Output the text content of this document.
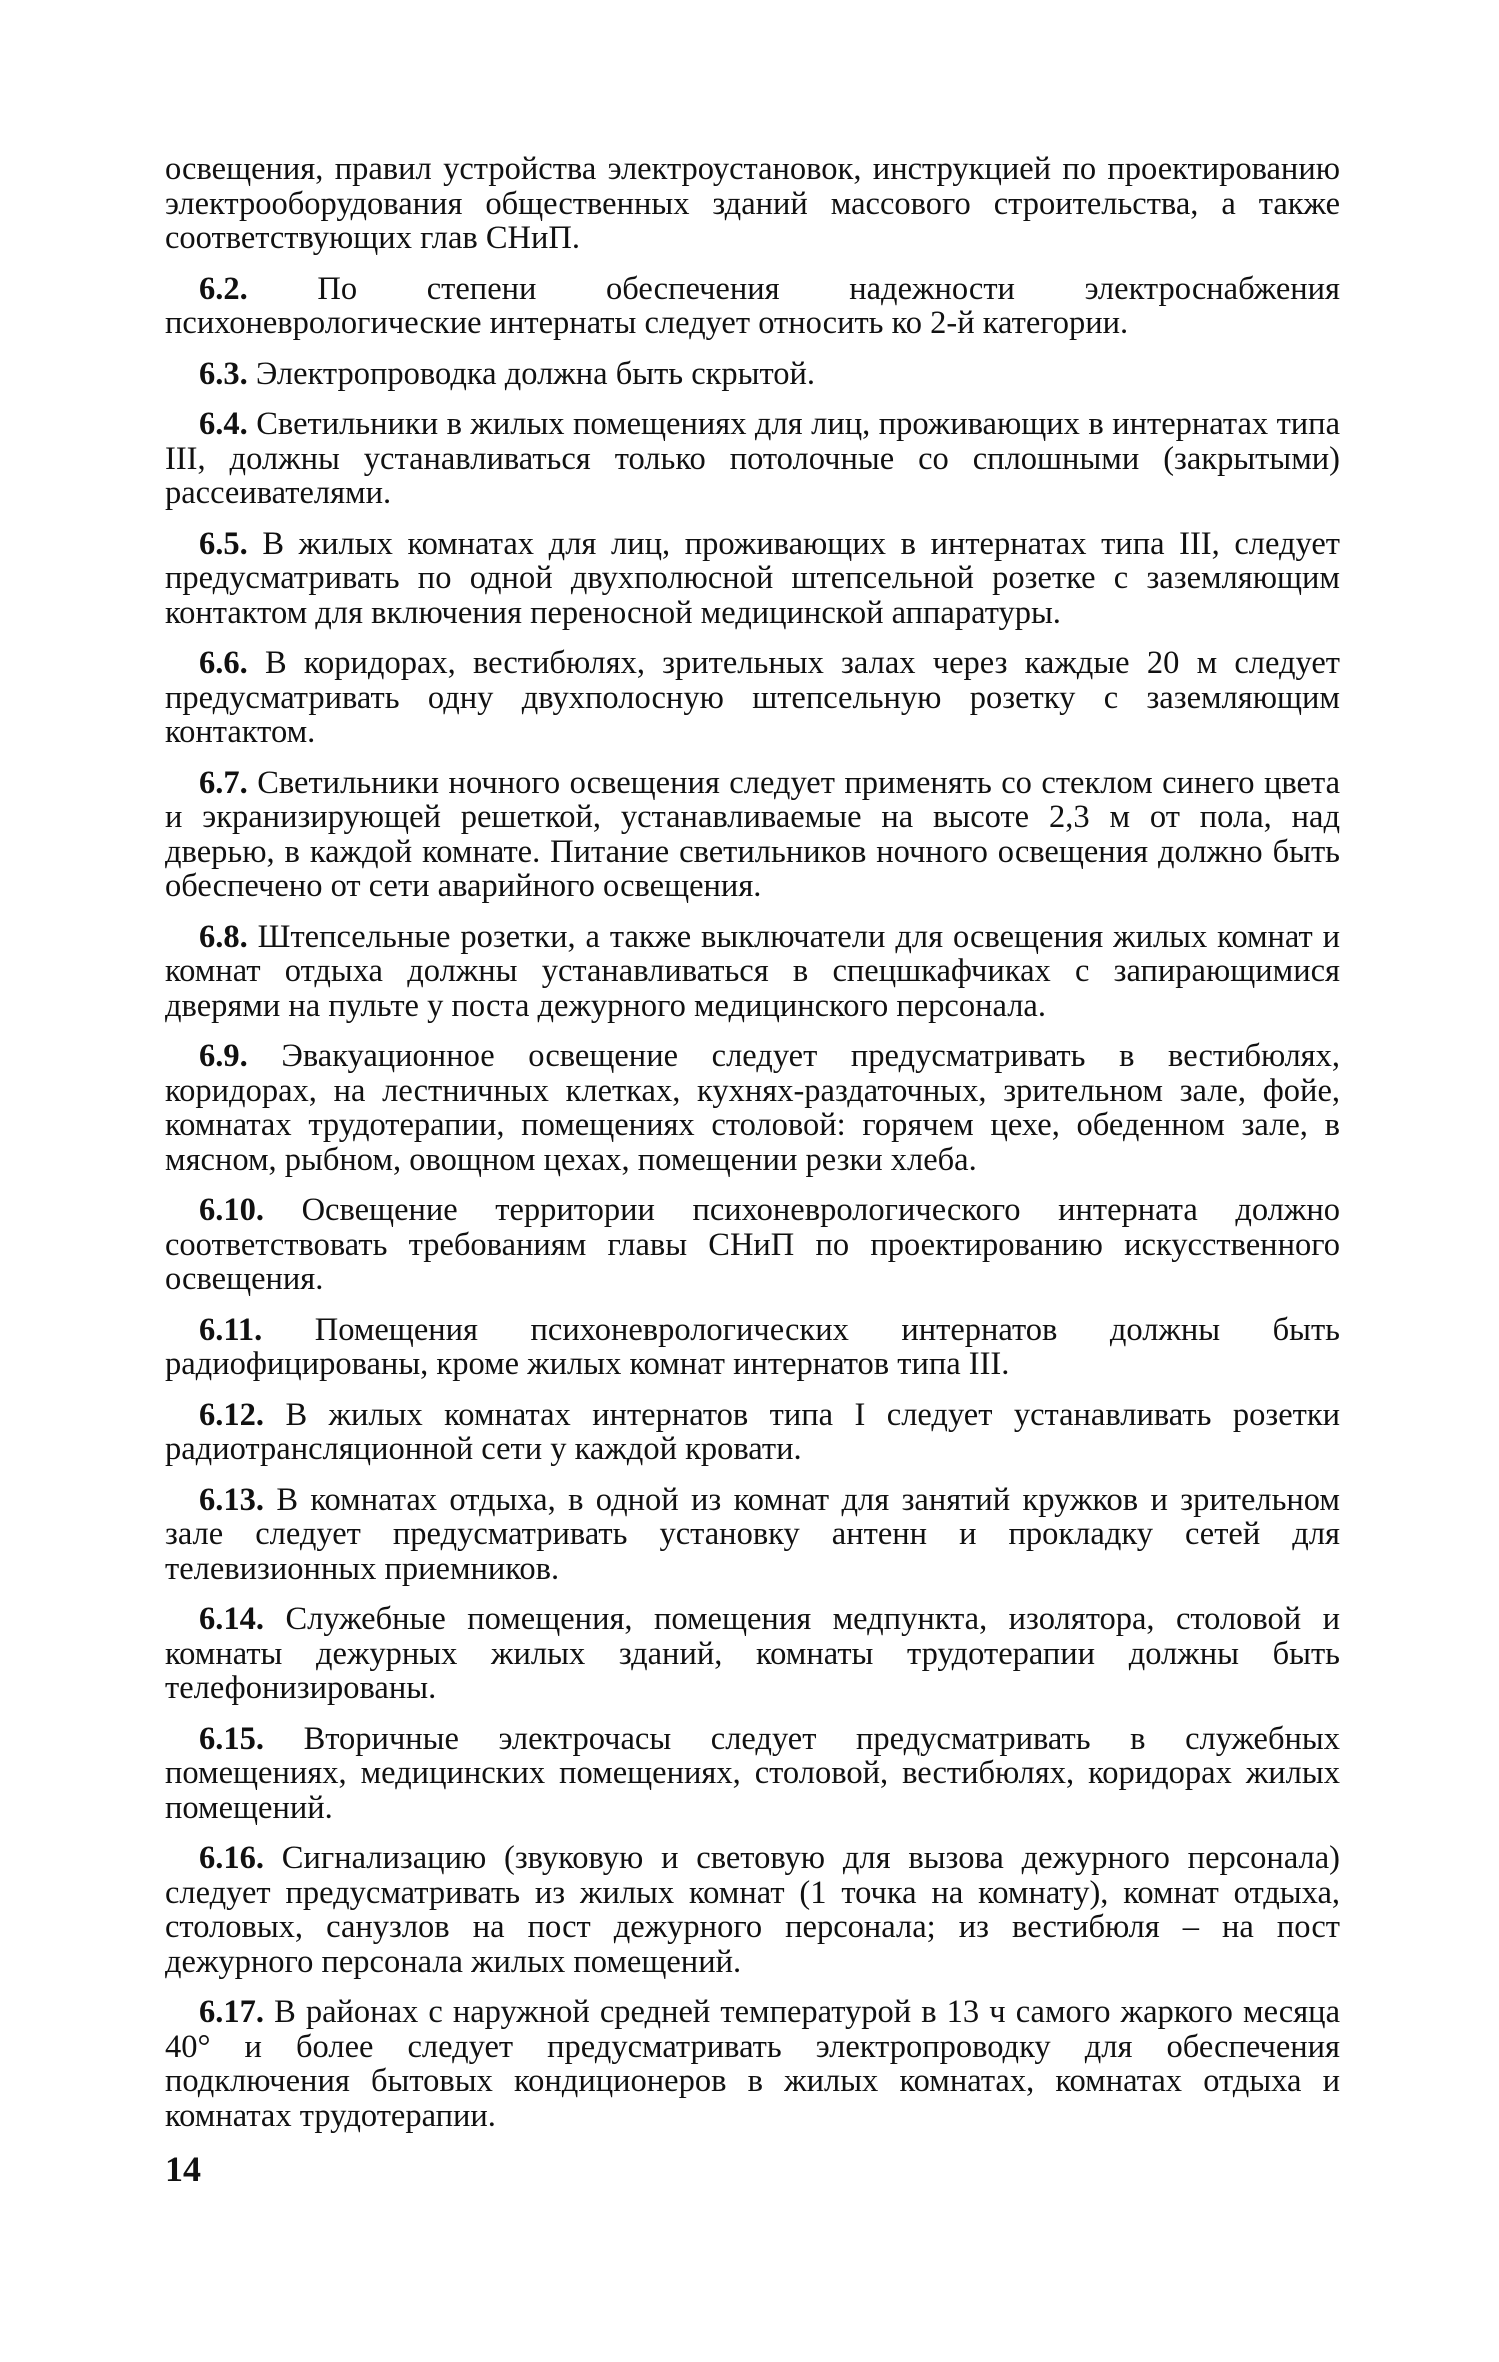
освещения, правил устройства электроустановок, инструкцией по проектированию электрооборудования общественных зданий массового строительства, а также соответствующих глав СНиП.

6.2. По степени обеспечения надежности электроснабжения психоневрологические интернаты следует относить ко 2-й категории.

6.3. Электропроводка должна быть скрытой.

6.4. Светильники в жилых помещениях для лиц, проживающих в интернатах типа III, должны устанавливаться только потолочные со сплошными (закрытыми) рассеивателями.

6.5. В жилых комнатах для лиц, проживающих в интернатах типа III, следует предусматривать по одной двухполюсной штепсельной розетке с заземляющим контактом для включения переносной медицинской аппаратуры.

6.6. В коридорах, вестибюлях, зрительных залах через каждые 20 м следует предусматривать одну двухполосную штепсельную розетку с заземляющим контактом.

6.7. Светильники ночного освещения следует применять со стеклом синего цвета и экранизирующей решеткой, устанавливаемые на высоте 2,3 м от пола, над дверью, в каждой комнате. Питание светильников ночного освещения должно быть обеспечено от сети аварийного освещения.

6.8. Штепсельные розетки, а также выключатели для освещения жилых комнат и комнат отдыха должны устанавливаться в спецшкафчиках с запирающимися дверями на пульте у поста дежурного медицинского персонала.

6.9. Эвакуационное освещение следует предусматривать в вестибюлях, коридорах, на лестничных клетках, кухнях-раздаточных, зрительном зале, фойе, комнатах трудотерапии, помещениях столовой: горячем цехе, обеденном зале, в мясном, рыбном, овощном цехах, помещении резки хлеба.

6.10. Освещение территории психоневрологического интерната должно соответствовать требованиям главы СНиП по проектированию искусственного освещения.

6.11. Помещения психоневрологических интернатов должны быть радиофицированы, кроме жилых комнат интернатов типа III.

6.12. В жилых комнатах интернатов типа I следует устанавливать розетки радиотрансляционной сети у каждой кровати.

6.13. В комнатах отдыха, в одной из комнат для занятий кружков и зрительном зале следует предусматривать установку антенн и прокладку сетей для телевизионных приемников.

6.14. Служебные помещения, помещения медпункта, изолятора, столовой и комнаты дежурных жилых зданий, комнаты трудотерапии должны быть телефонизированы.

6.15. Вторичные электрочасы следует предусматривать в служебных помещениях, медицинских помещениях, столовой, вестибюлях, коридорах жилых помещений.

6.16. Сигнализацию (звуковую и световую для вызова дежурного персонала) следует предусматривать из жилых комнат (1 точка на комнату), комнат отдыха, столовых, санузлов на пост дежурного персонала; из вестибюля – на пост дежурного персонала жилых помещений.

6.17. В районах с наружной средней температурой в 13 ч самого жаркого месяца 40° и более следует предусматривать электропроводку для обеспечения подключения бытовых кондиционеров в жилых комнатах, комнатах отдыха и комнатах трудотерапии.

14
